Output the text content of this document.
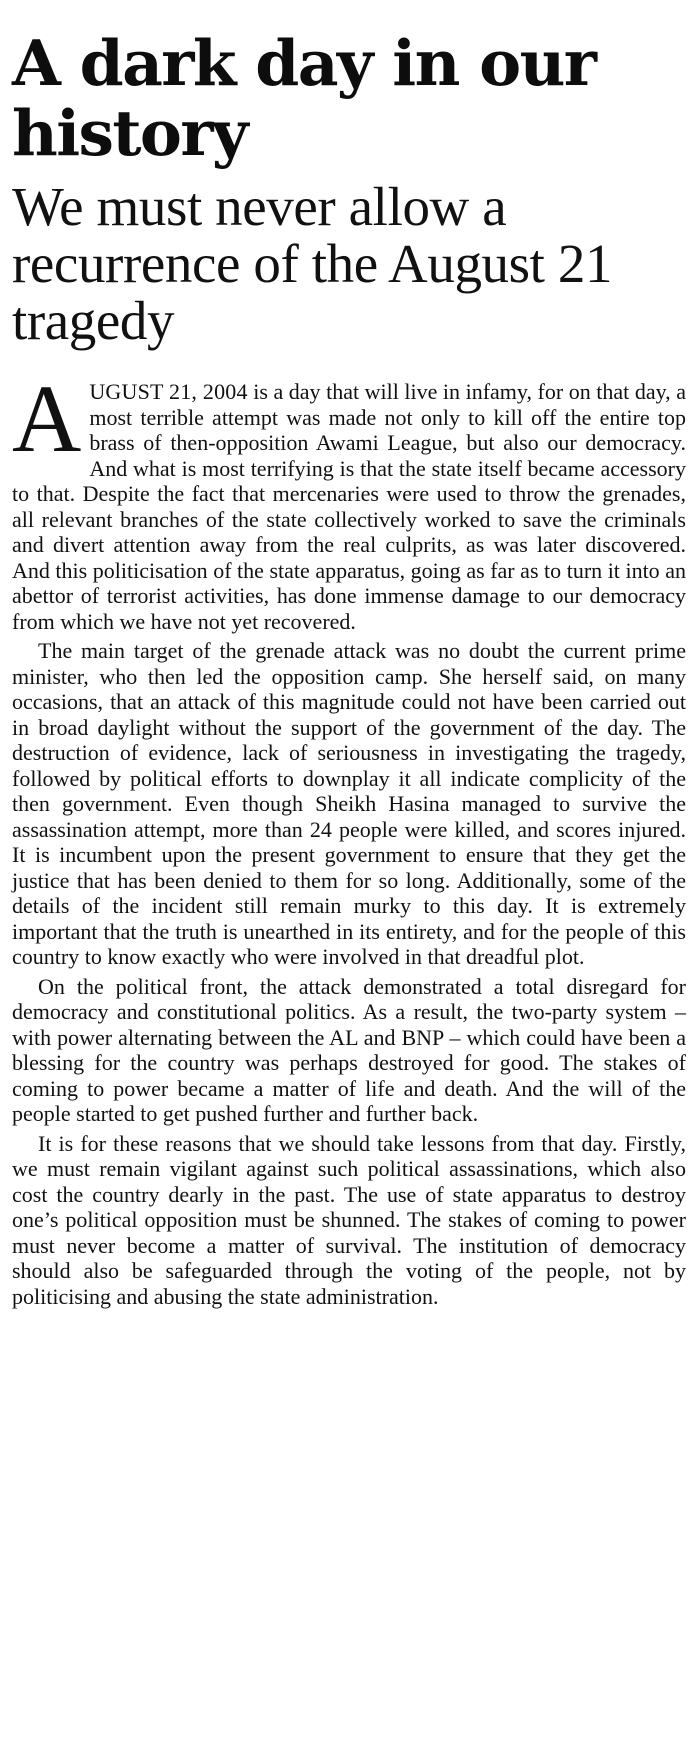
A dark day in our history
We must never allow a recurrence of the August 21 tragedy

AUGUST 21, 2004 is a day that will live in infamy, for on that day, a most terrible attempt was made not only to kill off the entire top brass of then-opposition Awami League, but also our democracy. And what is most terrifying is that the state itself became accessory to that. Despite the fact that mercenaries were used to throw the grenades, all relevant branches of the state collectively worked to save the criminals and divert attention away from the real culprits, as was later discovered. And this politicisation of the state apparatus, going as far as to turn it into an abettor of terrorist activities, has done immense damage to our democracy from which we have not yet recovered.

The main target of the grenade attack was no doubt the current prime minister, who then led the opposition camp. She herself said, on many occasions, that an attack of this magnitude could not have been carried out in broad daylight without the support of the government of the day. The destruction of evidence, lack of seriousness in investigating the tragedy, followed by political efforts to downplay it all indicate complicity of the then government. Even though Sheikh Hasina managed to survive the assassination attempt, more than 24 people were killed, and scores injured. It is incumbent upon the present government to ensure that they get the justice that has been denied to them for so long. Additionally, some of the details of the incident still remain murky to this day. It is extremely important that the truth is unearthed in its entirety, and for the people of this country to know exactly who were involved in that dreadful plot.

On the political front, the attack demonstrated a total disregard for democracy and constitutional politics. As a result, the two-party system – with power alternating between the AL and BNP – which could have been a blessing for the country was perhaps destroyed for good. The stakes of coming to power became a matter of life and death. And the will of the people started to get pushed further and further back.

It is for these reasons that we should take lessons from that day. Firstly, we must remain vigilant against such political assassinations, which also cost the country dearly in the past. The use of state apparatus to destroy one’s political opposition must be shunned. The stakes of coming to power must never become a matter of survival. The institution of democracy should also be safeguarded through the voting of the people, not by politicising and abusing the state administration.
